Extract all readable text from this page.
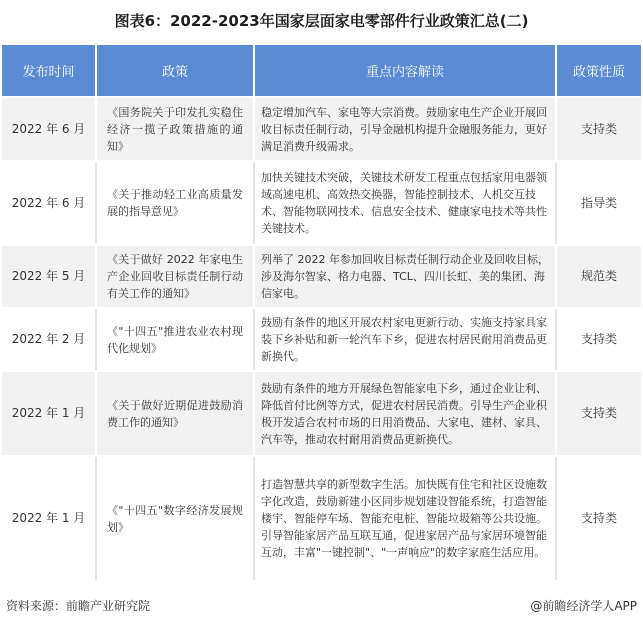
图表6：2022-2023年国家层面家电零部件行业政策汇总(二)
发布时间	政策	重点内容解读	政策性质
2022 年 6 月	《国务院关于印发扎实稳住经济一揽子政策措施的通知》	稳定增加汽车、家电等大宗消费。鼓励家电生产企业开展回收目标责任制行动，引导金融机构提升金融服务能力，更好满足消费升级需求。	支持类
2022 年 6 月	《关于推动轻工业高质量发展的指导意见》	加快关键技术突破，关键技术研发工程重点包括家用电器领域高速电机、高效热交换器，智能控制技术、人机交互技术、智能物联网技术、信息安全技术、健康家电技术等共性关键技术。	指导类
2022 年 5 月	《关于做好 2022 年家电生产企业回收目标责任制行动有关工作的通知》	列举了 2022 年参加回收目标责任制行动企业及回收目标，涉及海尔智家、格力电器、TCL、四川长虹、美的集团、海信家电。	规范类
2022 年 2 月	《"十四五"推进农业农村现代化规划》	鼓励有条件的地区开展农村家电更新行动、实施支持家具家装下乡补贴和新一轮汽车下乡，促进农村居民耐用消费品更新换代。	支持类
2022 年 1 月	《关于做好近期促进鼓励消费工作的通知》	鼓励有条件的地方开展绿色智能家电下乡，通过企业让利、降低首付比例等方式，促进农村居民消费。引导生产企业积极开发适合农村市场的日用消费品、大家电、建材、家具、汽车等，推动农村耐用消费品更新换代。	支持类
2022 年 1 月	《"十四五"数字经济发展规划》	打造智慧共享的新型数字生活。加快既有住宅和社区设施数字化改造，鼓励新建小区同步规划建设智能系统，打造智能楼宇、智能停车场、智能充电桩、智能垃圾箱等公共设施。引导智能家居产品互联互通，促进家居产品与家居环境智能互动，丰富"一键控制"、"一声响应"的数字家庭生活应用。	支持类
资料来源：前瞻产业研究院	@前瞻经济学人APP
